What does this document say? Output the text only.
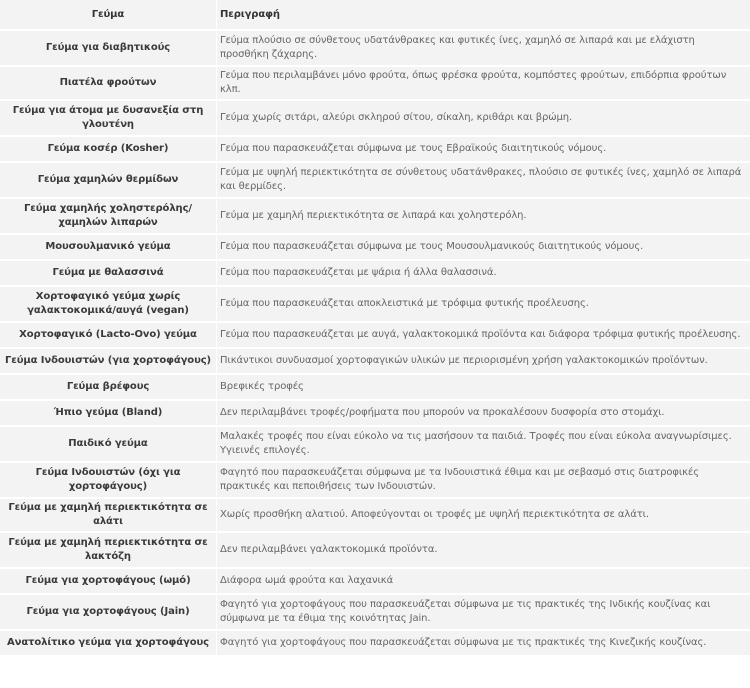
Γεύμα	Περιγραφή
Γεύμα για διαβητικούς	Γεύμα πλούσιο σε σύνθετους υδατάνθρακες και φυτικές ίνες, χαμηλό σε λιπαρά και με ελάχιστη προσθήκη ζάχαρης.
Πιατέλα φρούτων	Γεύμα που περιλαμβάνει μόνο φρούτα, όπως φρέσκα φρούτα, κομπόστες φρούτων, επιδόρπια φρούτων κλπ.
Γεύμα για άτομα με δυσανεξία στη γλουτένη	Γεύμα χωρίς σιτάρι, αλεύρι σκληρού σίτου, σίκαλη, κριθάρι και βρώμη.
Γεύμα κοσέρ (Kosher)	Γεύμα που παρασκευάζεται σύμφωνα με τους Εβραϊκούς διαιτητικούς νόμους.
Γεύμα χαμηλών θερμίδων	Γεύμα με υψηλή περιεκτικότητα σε σύνθετους υδατάνθρακες, πλούσιο σε φυτικές ίνες, χαμηλό σε λιπαρά και θερμίδες.
Γεύμα χαμηλής χοληστερόλης/χαμηλών λιπαρών	Γεύμα με χαμηλή περιεκτικότητα σε λιπαρά και χοληστερόλη.
Μουσουλμανικό γεύμα	Γεύμα που παρασκευάζεται σύμφωνα με τους Μουσουλμανικούς διαιτητικούς νόμους.
Γεύμα με θαλασσινά	Γεύμα που παρασκευάζεται με ψάρια ή άλλα θαλασσινά.
Χορτοφαγικό γεύμα χωρίς γαλακτοκομικά/αυγά (vegan)	Γεύμα που παρασκευάζεται αποκλειστικά με τρόφιμα φυτικής προέλευσης.
Χορτοφαγικό (Lacto-Ovo) γεύμα	Γεύμα που παρασκευάζεται με αυγά, γαλακτοκομικά προϊόντα και διάφορα τρόφιμα φυτικής προέλευσης.
Γεύμα Ινδουιστών (για χορτοφάγους)	Πικάντικοι συνδυασμοί χορτοφαγικών υλικών με περιορισμένη χρήση γαλακτοκομικών προϊόντων.
Γεύμα βρέφους	Βρεφικές τροφές
Ήπιο γεύμα (Bland)	Δεν περιλαμβάνει τροφές/ροφήματα που μπορούν να προκαλέσουν δυσφορία στο στομάχι.
Παιδικό γεύμα	Μαλακές τροφές που είναι εύκολο να τις μασήσουν τα παιδιά. Τροφές που είναι εύκολα αναγνωρίσιμες. Υγιεινές επιλογές.
Γεύμα Ινδουιστών (όχι για χορτοφάγους)	Φαγητό που παρασκευάζεται σύμφωνα με τα Ινδουιστικά έθιμα και με σεβασμό στις διατροφικές πρακτικές και πεποιθήσεις των Ινδουιστών.
Γεύμα με χαμηλή περιεκτικότητα σε αλάτι	Χωρίς προσθήκη αλατιού. Αποφεύγονται οι τροφές με υψηλή περιεκτικότητα σε αλάτι.
Γεύμα με χαμηλή περιεκτικότητα σε λακτόζη	Δεν περιλαμβάνει γαλακτοκομικά προϊόντα.
Γεύμα για χορτοφάγους (ωμό)	Διάφορα ωμά φρούτα και λαχανικά
Γεύμα για χορτοφάγους (Jain)	Φαγητό για χορτοφάγους που παρασκευάζεται σύμφωνα με τις πρακτικές της Ινδικής κουζίνας και σύμφωνα με τα έθιμα της κοινότητας Jain.
Ανατολίτικο γεύμα για χορτοφάγους	Φαγητό για χορτοφάγους που παρασκευάζεται σύμφωνα με τις πρακτικές της Κινεζικής κουζίνας.
